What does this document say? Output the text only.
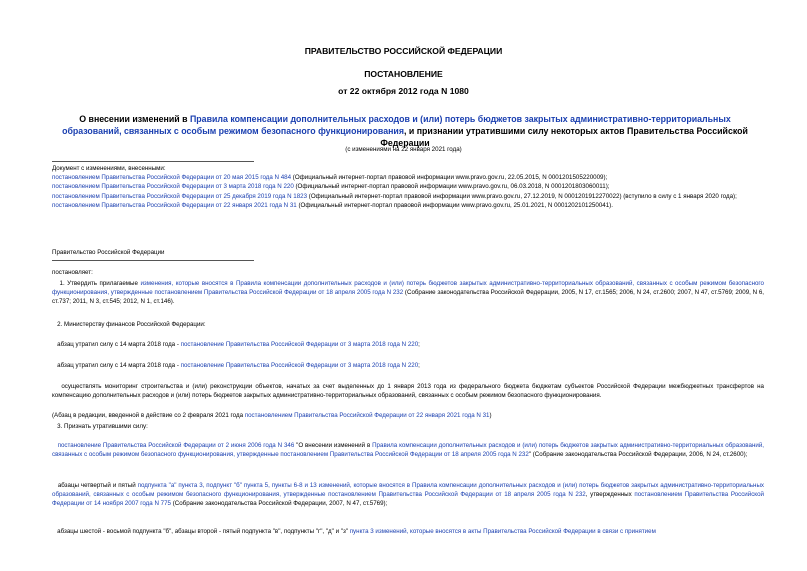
ПРАВИТЕЛЬСТВО РОССИЙСКОЙ ФЕДЕРАЦИИ
ПОСТАНОВЛЕНИЕ
от 22 октября 2012 года N 1080
О внесении изменений в Правила компенсации дополнительных расходов и (или) потерь бюджетов закрытых административно-территориальных образований, связанных с особым режимом безопасного функционирования, и признании утратившими силу некоторых актов Правительства Российской Федерации
(с изменениями на 22 января 2021 года)
Документ с изменениями, внесенными:
постановлением Правительства Российской Федерации от 20 мая 2015 года N 484 (Официальный интернет-портал правовой информации www.pravo.gov.ru, 22.05.2015, N 0001201505220009);
постановлением Правительства Российской Федерации от 3 марта 2018 года N 220 (Официальный интернет-портал правовой информации www.pravo.gov.ru, 06.03.2018, N 0001201803060011);
постановлением Правительства Российской Федерации от 25 декабря 2019 года N 1823 (Официальный интернет-портал правовой информации www.pravo.gov.ru, 27.12.2019, N 0001201912270022) (вступило в силу с 1 января 2020 года);
постановлением Правительства Российской Федерации от 22 января 2021 года N 31 (Официальный интернет-портал правовой информации www.pravo.gov.ru, 25.01.2021, N 0001202101250041).
Правительство Российской Федерации
постановляет:
1. Утвердить прилагаемые изменения, которые вносятся в Правила компенсации дополнительных расходов и (или) потерь бюджетов закрытых административно-территориальных образований, связанных с особым режимом безопасного функционирования, утвержденные постановлением Правительства Российской Федерации от 18 апреля 2005 года N 232 (Собрание законодательства Российской Федерации, 2005, N 17, ст.1565; 2006, N 24, ст.2600; 2007, N 47, ст.5769; 2009, N 6, ст.737; 2011, N 3, ст.545; 2012, N 1, ст.146).
2. Министерству финансов Российской Федерации:
абзац утратил силу с 14 марта 2018 года - постановление Правительства Российской Федерации от 3 марта 2018 года N 220;
абзац утратил силу с 14 марта 2018 года - постановление Правительства Российской Федерации от 3 марта 2018 года N 220;
осуществлять мониторинг строительства и (или) реконструкции объектов, начатых за счет выделенных до 1 января 2013 года из федерального бюджета бюджетам субъектов Российской Федерации межбюджетных трансфертов на компенсацию дополнительных расходов и (или) потерь бюджетов закрытых административно-территориальных образований, связанных с особым режимом безопасного функционирования.
(Абзац в редакции, введенной в действие со 2 февраля 2021 года постановлением Правительства Российской Федерации от 22 января 2021 года N 31)
3. Признать утратившими силу:
постановление Правительства Российской Федерации от 2 июня 2006 года N 346 "О внесении изменений в Правила компенсации дополнительных расходов и (или) потерь бюджетов закрытых административно-территориальных образований, связанных с особым режимом безопасного функционирования, утвержденные постановлением Правительства Российской Федерации от 18 апреля 2005 года N 232" (Собрание законодательства Российской Федерации, 2006, N 24, ст.2600);
абзацы четвертый и пятый подпункта "а" пункта 3, подпункт "б" пункта 5, пункты 6-8 и 13 изменений, которые вносятся в Правила компенсации дополнительных расходов и (или) потерь бюджетов закрытых административно-территориальных образований, связанных с особым режимом безопасного функционирования, утвержденные постановлением Правительства Российской Федерации от 18 апреля 2005 года N 232, утвержденных постановлением Правительства Российской Федерации от 14 ноября 2007 года N 775 (Собрание законодательства Российской Федерации, 2007, N 47, ст.5769);
абзацы шестой - восьмой подпункта "б", абзацы второй - пятый подпункта "в", подпункты "г", "д" и "з" пункта 3 изменений, которые вносятся в акты Правительства Российской Федерации в связи с принятием
